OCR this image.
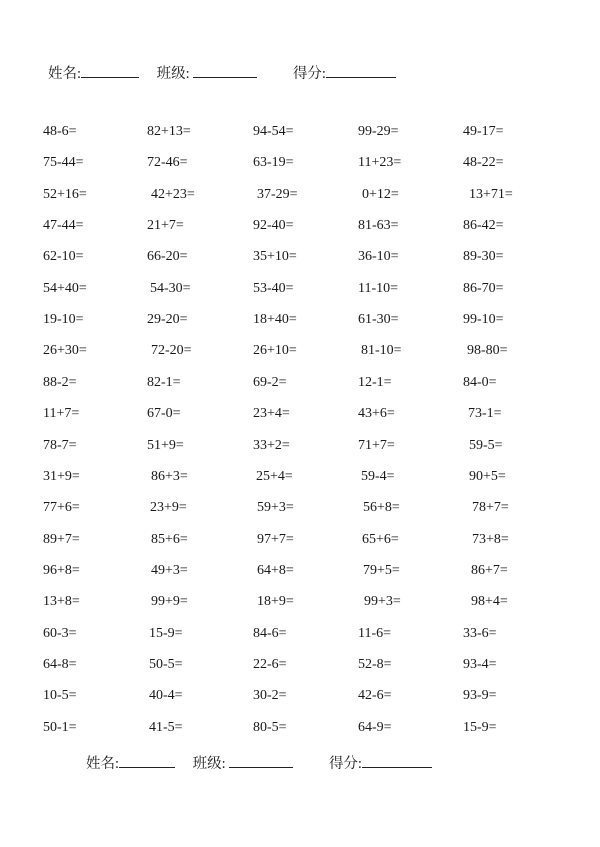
姓名:	班级:	得分:
48-6=	82+13=	94-54=	99-29=	49-17=
75-44=	72-46=	63-19=	11+23=	48-22=
52+16=	42+23=	37-29=	0+12=	13+71=
47-44=	21+7=	92-40=	81-63=	86-42=
62-10=	66-20=	35+10=	36-10=	89-30=
54+40=	54-30=	53-40=	11-10=	86-70=
19-10=	29-20=	18+40=	61-30=	99-10=
26+30=	72-20=	26+10=	81-10=	98-80=
88-2=	82-1=	69-2=	12-1=	84-0=
11+7=	67-0=	23+4=	43+6=	73-1=
78-7=	51+9=	33+2=	71+7=	59-5=
31+9=	86+3=	25+4=	59-4=	90+5=
77+6=	23+9=	59+3=	56+8=	78+7=
89+7=	85+6=	97+7=	65+6=	73+8=
96+8=	49+3=	64+8=	79+5=	86+7=
13+8=	99+9=	18+9=	99+3=	98+4=
60-3=	15-9=	84-6=	11-6=	33-6=
64-8=	50-5=	22-6=	52-8=	93-4=
10-5=	40-4=	30-2=	42-6=	93-9=
50-1=	41-5=	80-5=	64-9=	15-9=
姓名:	班级:	得分:
